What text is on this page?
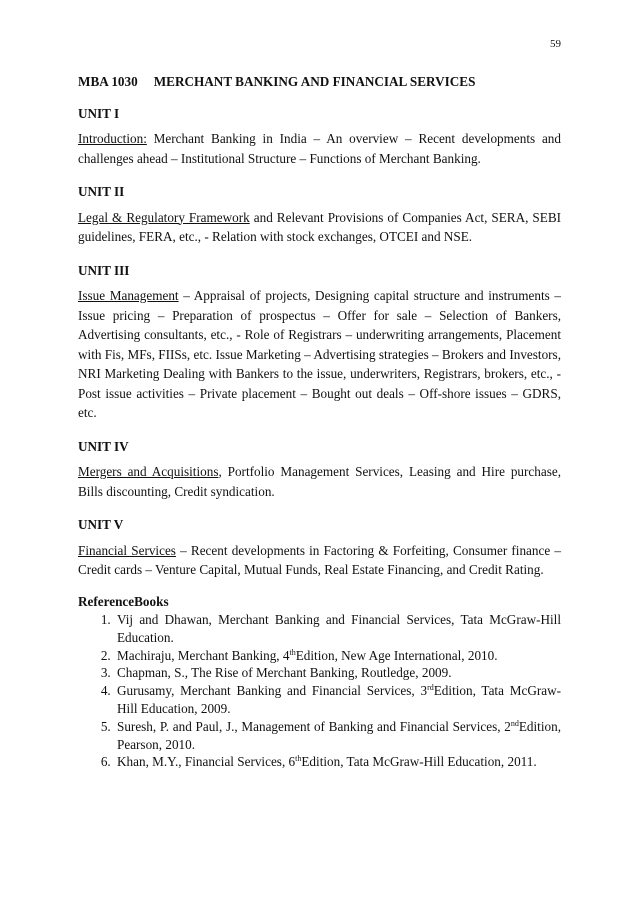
59

MBA 1030 MERCHANT BANKING AND FINANCIAL SERVICES

UNIT I

Introduction: Merchant Banking in India – An overview – Recent developments and challenges ahead – Institutional Structure – Functions of Merchant Banking.

UNIT II

Legal & Regulatory Framework and Relevant Provisions of Companies Act, SERA, SEBI guidelines, FERA, etc., - Relation with stock exchanges, OTCEI and NSE.

UNIT III

Issue Management – Appraisal of projects, Designing capital structure and instruments – Issue pricing – Preparation of prospectus – Offer for sale – Selection of Bankers, Advertising consultants, etc., - Role of Registrars – underwriting arrangements, Placement with Fis, MFs, FIISs, etc. Issue Marketing – Advertising strategies – Brokers and Investors, NRI Marketing Dealing with Bankers to the issue, underwriters, Registrars, brokers, etc., - Post issue activities – Private placement – Bought out deals – Off-shore issues – GDRS, etc.

UNIT IV

Mergers and Acquisitions, Portfolio Management Services, Leasing and Hire purchase, Bills discounting, Credit syndication.

UNIT V

Financial Services – Recent developments in Factoring & Forfeiting, Consumer finance – Credit cards – Venture Capital, Mutual Funds, Real Estate Financing, and Credit Rating.

ReferenceBooks
1. Vij and Dhawan, Merchant Banking and Financial Services, Tata McGraw-Hill Education.
2. Machiraju, Merchant Banking, 4thEdition, New Age International, 2010.
3. Chapman, S., The Rise of Merchant Banking, Routledge, 2009.
4. Gurusamy, Merchant Banking and Financial Services, 3rdEdition, Tata McGraw-Hill Education, 2009.
5. Suresh, P. and Paul, J., Management of Banking and Financial Services, 2ndEdition, Pearson, 2010.
6. Khan, M.Y., Financial Services, 6thEdition, Tata McGraw-Hill Education, 2011.
